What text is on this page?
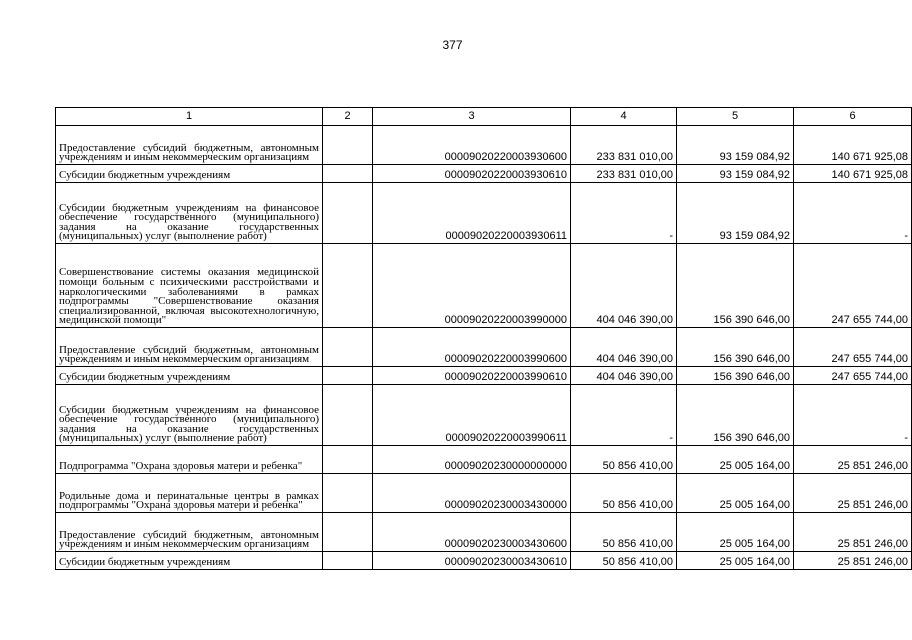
377
1	2	3	4	5	6
Предоставление субсидий бюджетным, автономным учреждениям и иным некоммерческим организациям		00009020220003930600	233 831 010,00	93 159 084,92	140 671 925,08
Субсидии бюджетным учреждениям		00009020220003930610	233 831 010,00	93 159 084,92	140 671 925,08
Субсидии бюджетным учреждениям на финансовое обеспечение государственного (муниципального) задания на оказание государственных (муниципальных) услуг (выполнение работ)		00009020220003930611	-	93 159 084,92	-
Совершенствование системы оказания медицинской помощи больным с психическими расстройствами и наркологическими заболеваниями в рамках подпрограммы "Совершенствование оказания специализированной, включая высокотехнологичную, медицинской помощи"		00009020220003990000	404 046 390,00	156 390 646,00	247 655 744,00
Предоставление субсидий бюджетным, автономным учреждениям и иным некоммерческим организациям		00009020220003990600	404 046 390,00	156 390 646,00	247 655 744,00
Субсидии бюджетным учреждениям		00009020220003990610	404 046 390,00	156 390 646,00	247 655 744,00
Субсидии бюджетным учреждениям на финансовое обеспечение государственного (муниципального) задания на оказание государственных (муниципальных) услуг (выполнение работ)		00009020220003990611	-	156 390 646,00	-
Подпрограмма "Охрана здоровья матери и ребенка"		00009020230000000000	50 856 410,00	25 005 164,00	25 851 246,00
Родильные дома и перинатальные центры в рамках подпрограммы "Охрана здоровья матери и ребенка"		00009020230003430000	50 856 410,00	25 005 164,00	25 851 246,00
Предоставление субсидий бюджетным, автономным учреждениям и иным некоммерческим организациям		00009020230003430600	50 856 410,00	25 005 164,00	25 851 246,00
Субсидии бюджетным учреждениям		00009020230003430610	50 856 410,00	25 005 164,00	25 851 246,00
